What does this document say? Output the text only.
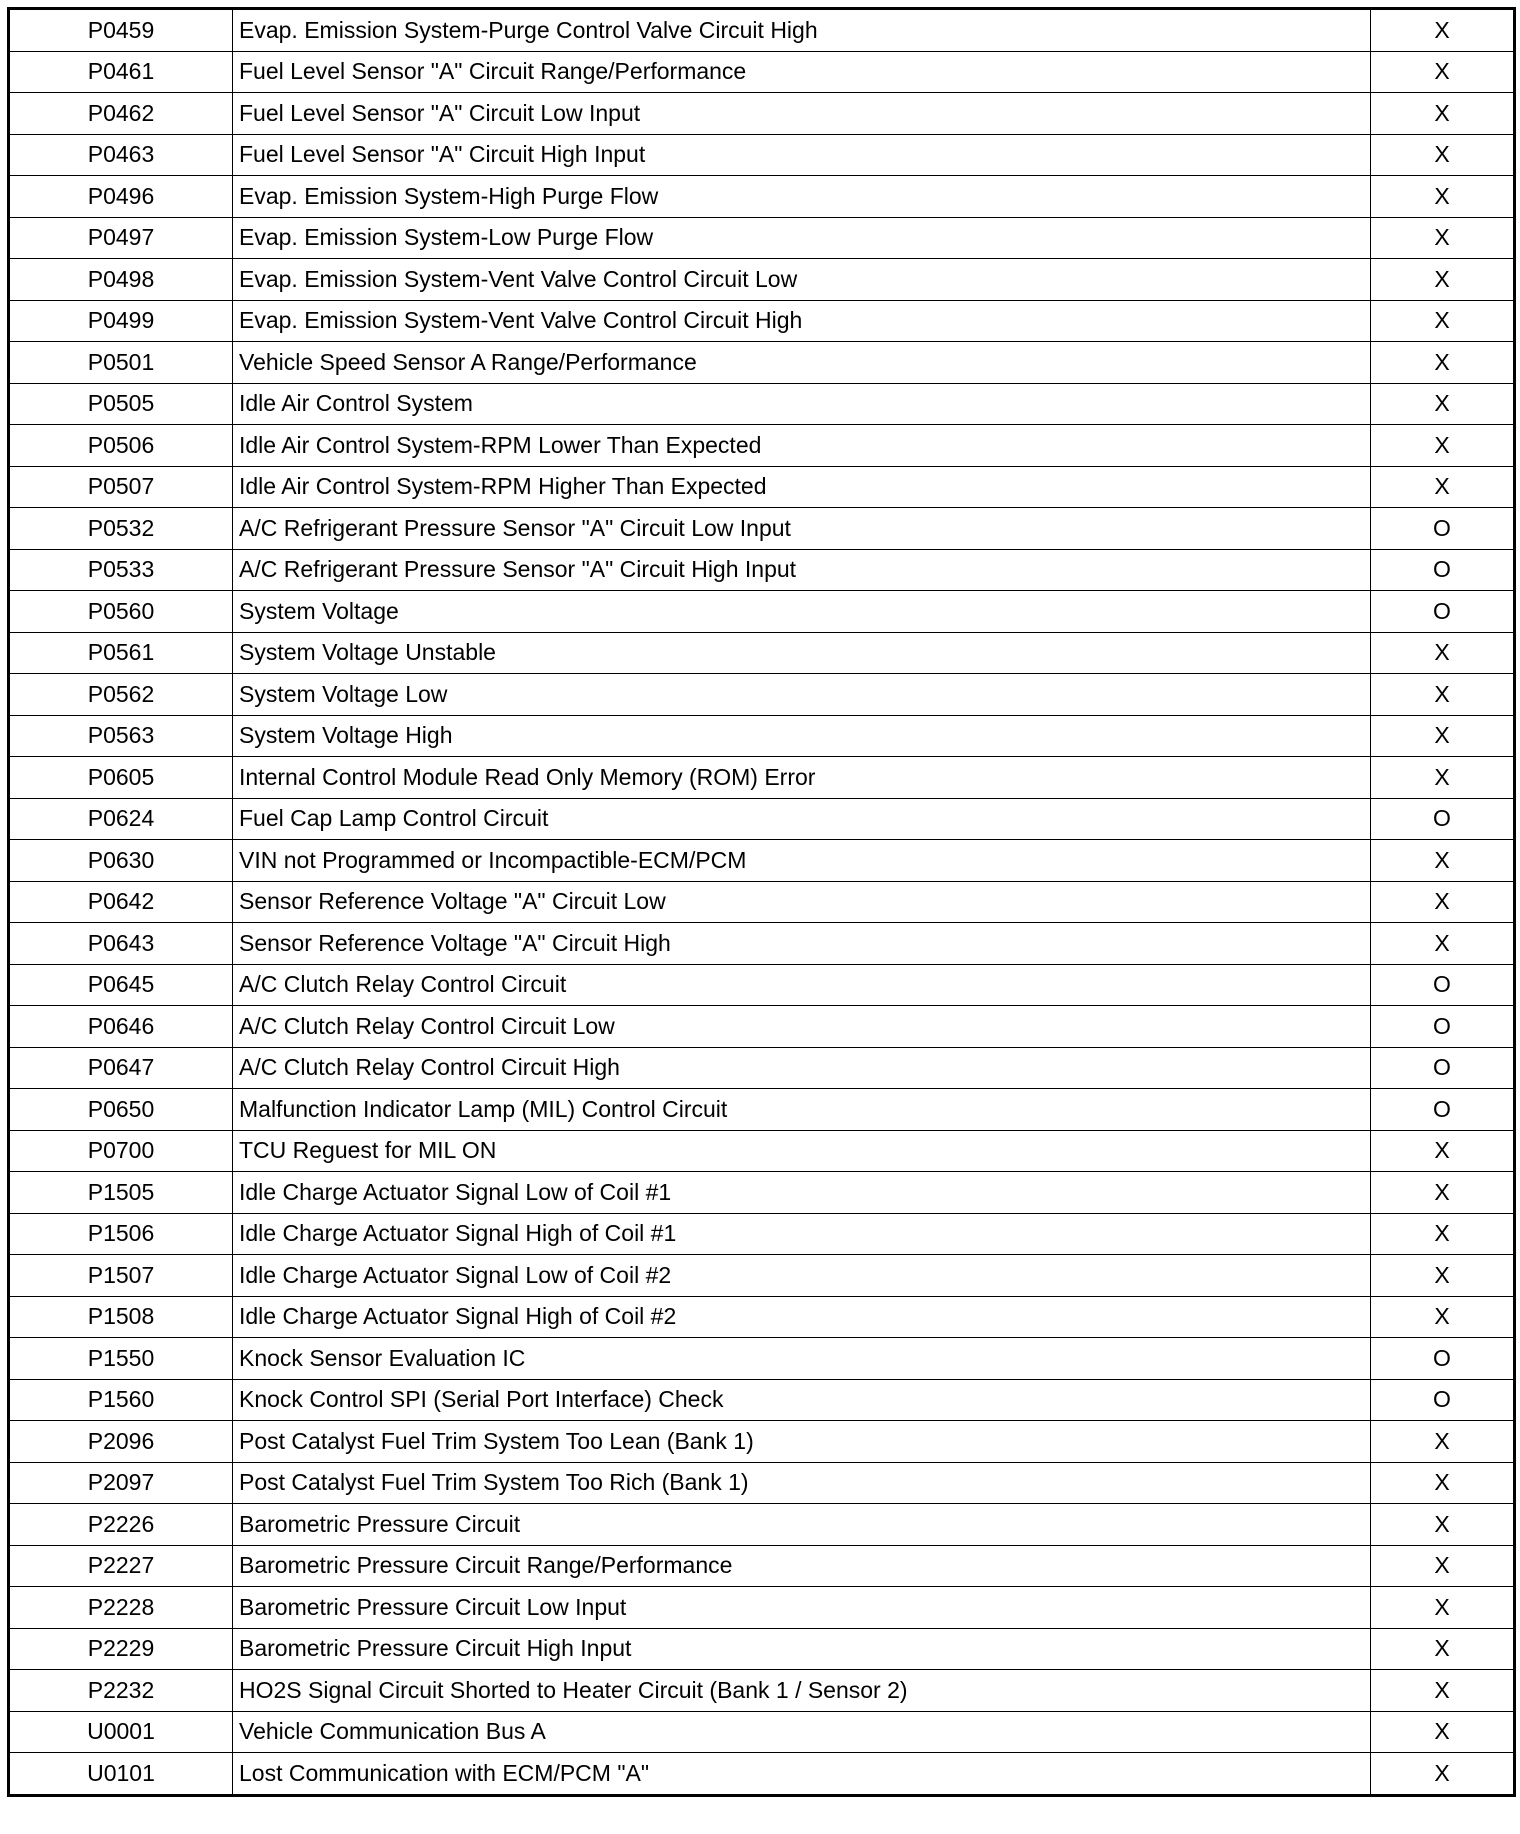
P0459	Evap. Emission System-Purge Control Valve Circuit High	X
P0461	Fuel Level Sensor "A" Circuit Range/Performance	X
P0462	Fuel Level Sensor "A" Circuit Low Input	X
P0463	Fuel Level Sensor "A" Circuit High Input	X
P0496	Evap. Emission System-High Purge Flow	X
P0497	Evap. Emission System-Low Purge Flow	X
P0498	Evap. Emission System-Vent Valve Control Circuit Low	X
P0499	Evap. Emission System-Vent Valve Control Circuit High	X
P0501	Vehicle Speed Sensor A Range/Performance	X
P0505	Idle Air Control System	X
P0506	Idle Air Control System-RPM Lower Than Expected	X
P0507	Idle Air Control System-RPM Higher Than Expected	X
P0532	A/C Refrigerant Pressure Sensor "A" Circuit Low Input	O
P0533	A/C Refrigerant Pressure Sensor "A" Circuit High Input	O
P0560	System Voltage	O
P0561	System Voltage Unstable	X
P0562	System Voltage Low	X
P0563	System Voltage High	X
P0605	Internal Control Module Read Only Memory (ROM) Error	X
P0624	Fuel Cap Lamp Control Circuit	O
P0630	VIN not Programmed or Incompactible-ECM/PCM	X
P0642	Sensor Reference Voltage "A" Circuit Low	X
P0643	Sensor Reference Voltage "A" Circuit High	X
P0645	A/C Clutch Relay Control Circuit	O
P0646	A/C Clutch Relay Control Circuit Low	O
P0647	A/C Clutch Relay Control Circuit High	O
P0650	Malfunction Indicator Lamp (MIL) Control Circuit	O
P0700	TCU Reguest for MIL ON	X
P1505	Idle Charge Actuator Signal Low of Coil #1	X
P1506	Idle Charge Actuator Signal High of Coil #1	X
P1507	Idle Charge Actuator Signal Low of Coil #2	X
P1508	Idle Charge Actuator Signal High of Coil #2	X
P1550	Knock Sensor Evaluation IC	O
P1560	Knock Control SPI (Serial Port Interface) Check	O
P2096	Post Catalyst Fuel Trim System Too Lean (Bank 1)	X
P2097	Post Catalyst Fuel Trim System Too Rich (Bank 1)	X
P2226	Barometric Pressure Circuit	X
P2227	Barometric Pressure Circuit Range/Performance	X
P2228	Barometric Pressure Circuit Low Input	X
P2229	Barometric Pressure Circuit High Input	X
P2232	HO2S Signal Circuit Shorted to Heater Circuit (Bank 1 / Sensor 2)	X
U0001	Vehicle Communication Bus A	X
U0101	Lost Communication with ECM/PCM "A"	X
